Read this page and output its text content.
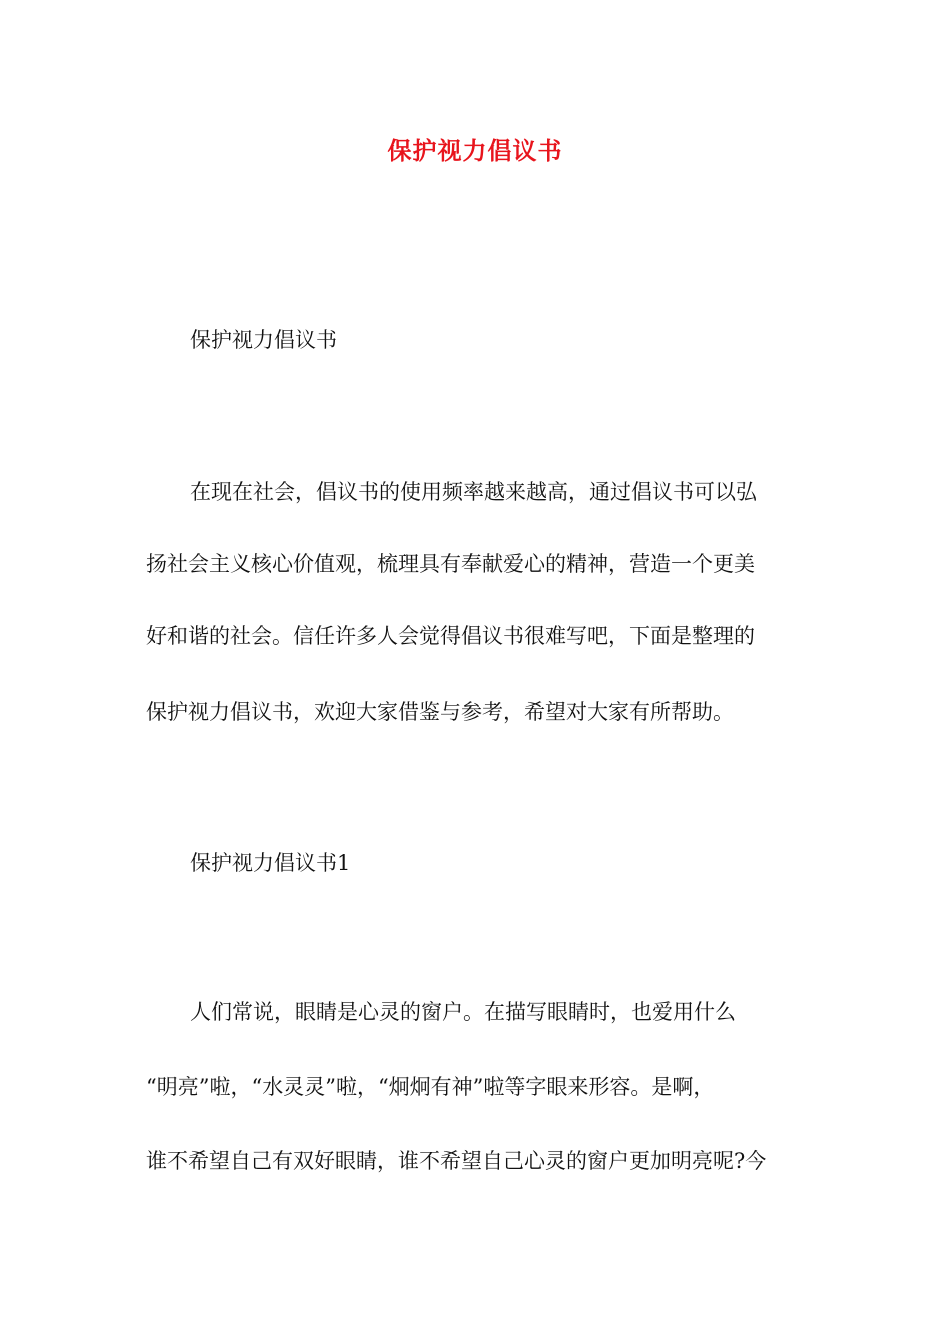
保护视力倡议书
保护视力倡议书
在现在社会，倡议书的使用频率越来越高，通过倡议书可以弘
扬社会主义核心价值观，梳理具有奉献爱心的精神，营造一个更美
好和谐的社会。信任许多人会觉得倡议书很难写吧，下面是整理的
保护视力倡议书，欢迎大家借鉴与参考，希望对大家有所帮助。
保护视力倡议书1
人们常说，眼睛是心灵的窗户。在描写眼睛时，也爱用什么
“明亮”啦，“水灵灵”啦，“炯炯有神”啦等字眼来形容。是啊，
谁不希望自己有双好眼睛，谁不希望自己心灵的窗户更加明亮呢?今
